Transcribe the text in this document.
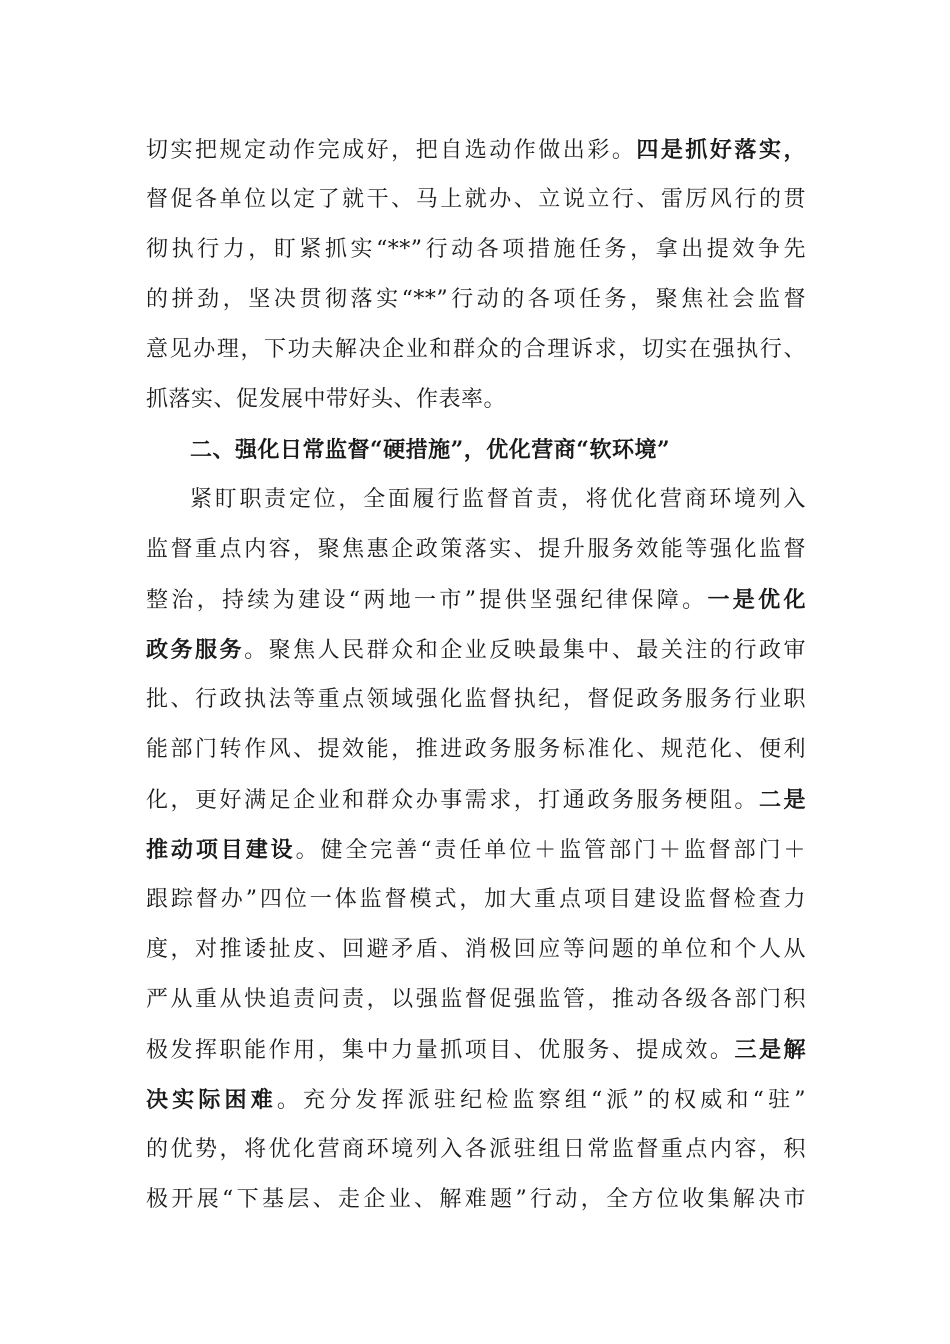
切实把规定动作完成好，把自选动作做出彩。四是抓好落实，
督促各单位以定了就干、马上就办、立说立行、雷厉风行的贯
彻执行力，盯紧抓实“**”行动各项措施任务，拿出提效争先
的拼劲，坚决贯彻落实“**”行动的各项任务，聚焦社会监督
意见办理，下功夫解决企业和群众的合理诉求，切实在强执行、
抓落实、促发展中带好头、作表率。
二、强化日常监督“硬措施”，优化营商“软环境”
紧盯职责定位，全面履行监督首责，将优化营商环境列入
监督重点内容，聚焦惠企政策落实、提升服务效能等强化监督
整治，持续为建设“两地一市”提供坚强纪律保障。一是优化
政务服务。聚焦人民群众和企业反映最集中、最关注的行政审
批、行政执法等重点领域强化监督执纪，督促政务服务行业职
能部门转作风、提效能，推进政务服务标准化、规范化、便利
化，更好满足企业和群众办事需求，打通政务服务梗阻。二是
推动项目建设。健全完善“责任单位＋监管部门＋监督部门＋
跟踪督办”四位一体监督模式，加大重点项目建设监督检查力
度，对推诿扯皮、回避矛盾、消极回应等问题的单位和个人从
严从重从快追责问责，以强监督促强监管，推动各级各部门积
极发挥职能作用，集中力量抓项目、优服务、提成效。三是解
决实际困难。充分发挥派驻纪检监察组“派”的权威和“驻”
的优势，将优化营商环境列入各派驻组日常监督重点内容，积
极开展“下基层、走企业、解难题”行动，全方位收集解决市
